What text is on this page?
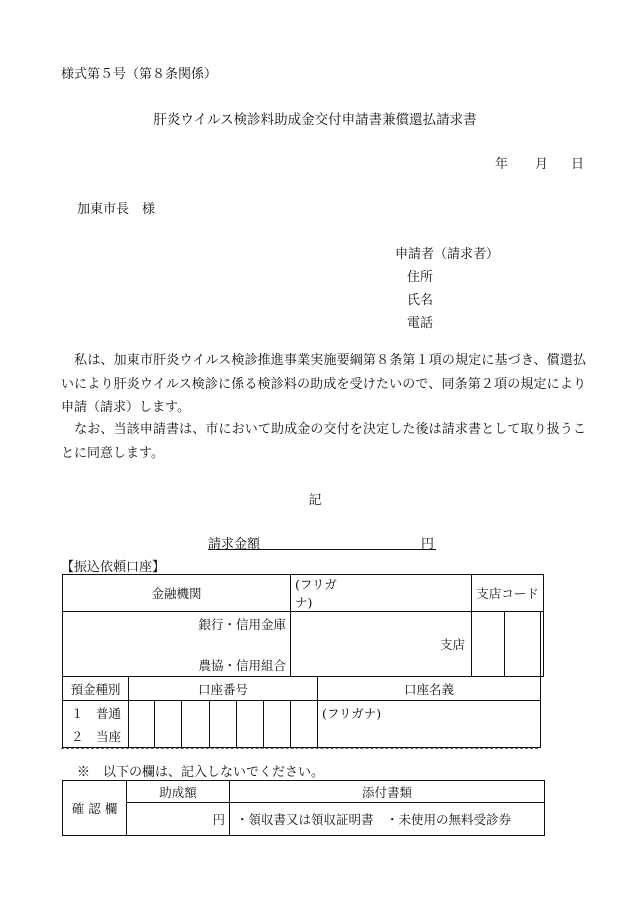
様式第５号（第８条関係）
肝炎ウイルス検診料助成金交付申請書兼償還払請求書
年 月 日
加東市長　様
申請者（請求者）
住所
氏名
電話
私は、加東市肝炎ウイルス検診推進事業実施要綱第８条第１項の規定に基づき、償還払いにより肝炎ウイルス検診に係る検診料の助成を受けたいので、同条第２項の規定により申請（請求）します。
なお、当該申請書は、市において助成金の交付を決定した後は請求書として取り扱うことに同意します。
記
請求金額	円
【振込依頼口座】
金融機関							(フリガナ)			支店コード		

銀行・信用金庫
農協・信用組合							支店					
預金種別	口座番号							口座名義				

１　普通
２　当座								(フリガナ)				
※　以下の欄は、記入しないでください。
確 認 欄	助成額	添付書類
	円	・領収書又は領収証明書　・未使用の無料受診券
